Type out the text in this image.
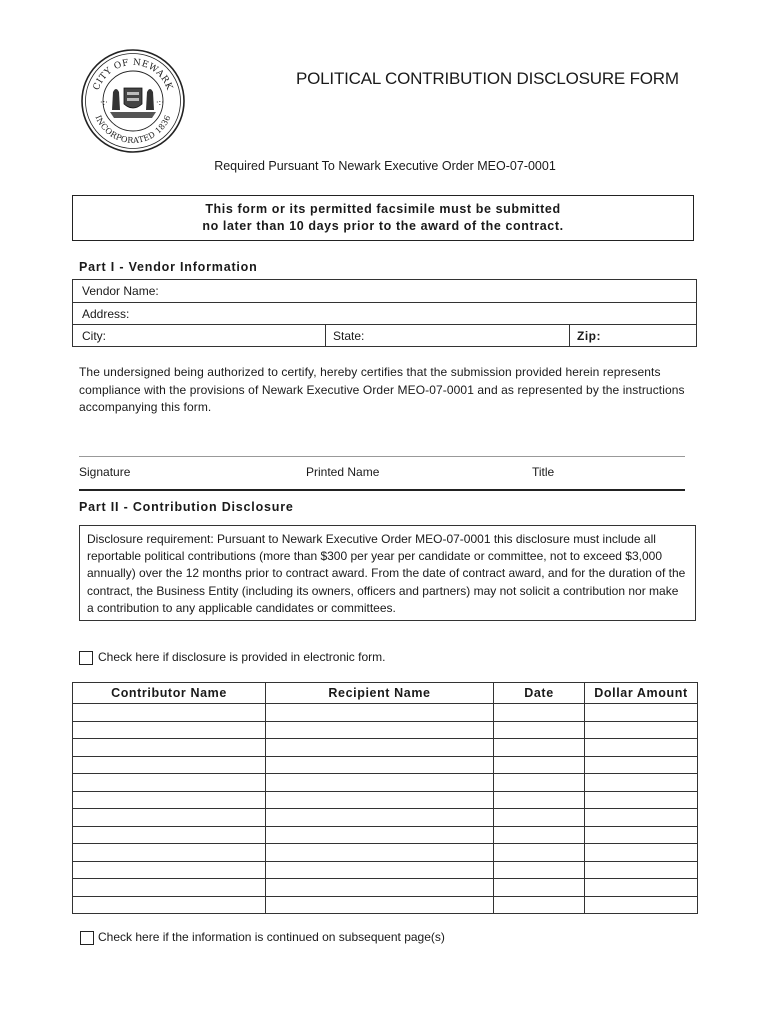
CITY OF NEWARK
INCORPORATED 1836
·:·	·:·
POLITICAL CONTRIBUTION DISCLOSURE FORM
Required Pursuant To Newark Executive Order MEO-07-0001
This form or its permitted facsimile must be submitted
no later than 10 days prior to the award of the contract.
Part I - Vendor Information
Vendor Name:
Address:
City:	State:	Zip:
The undersigned being authorized to certify, hereby certifies that the submission provided herein represents compliance with the provisions of Newark Executive Order MEO-07-0001 and as represented by the instructions accompanying this form.
Signature	Printed Name	Title
Part II - Contribution Disclosure
Disclosure requirement: Pursuant to Newark Executive Order MEO-07-0001 this disclosure must include all reportable political contributions (more than $300 per year per candidate or committee, not to exceed $3,000 annually) over the 12 months prior to contract award. From the date of contract award, and for the duration of the contract, the Business Entity (including its owners, officers and partners) may not solicit a contribution nor make a contribution to any applicable candidates or committees.
Check here if disclosure is provided in electronic form.
Contributor Name	Recipient Name	Date	Dollar Amount

Check here if the information is continued on subsequent page(s)
